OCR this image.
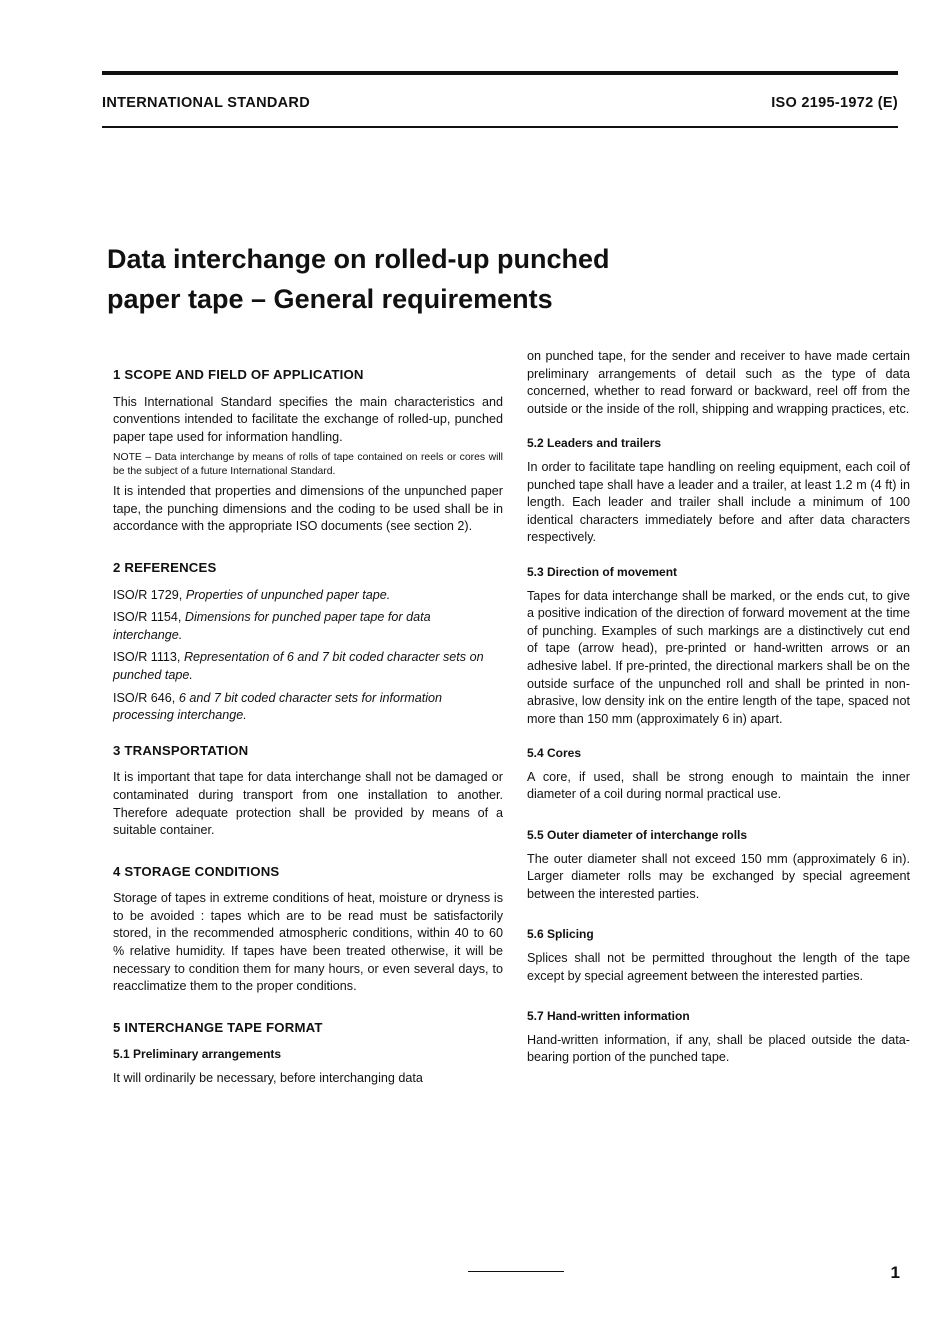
INTERNATIONAL STANDARD	ISO 2195-1972 (E)
Data interchange on rolled-up punched
paper tape – General requirements
1 SCOPE AND FIELD OF APPLICATION

This International Standard specifies the main characteristics and conventions intended to facilitate the exchange of rolled-up, punched paper tape used for information handling.

NOTE – Data interchange by means of rolls of tape contained on reels or cores will be the subject of a future International Standard.

It is intended that properties and dimensions of the unpunched paper tape, the punching dimensions and the coding to be used shall be in accordance with the appropriate ISO documents (see section 2).

2 REFERENCES

ISO/R 1729, Properties of unpunched paper tape.

ISO/R 1154, Dimensions for punched paper tape for data interchange.

ISO/R 1113, Representation of 6 and 7 bit coded character sets on punched tape.

ISO/R 646, 6 and 7 bit coded character sets for information processing interchange.

3 TRANSPORTATION

It is important that tape for data interchange shall not be damaged or contaminated during transport from one installation to another. Therefore adequate protection shall be provided by means of a suitable container.

4 STORAGE CONDITIONS

Storage of tapes in extreme conditions of heat, moisture or dryness is to be avoided : tapes which are to be read must be satisfactorily stored, in the recommended atmospheric conditions, within 40 to 60 % relative humidity. If tapes have been treated otherwise, it will be necessary to condition them for many hours, or even several days, to reacclimatize them to the proper conditions.

5 INTERCHANGE TAPE FORMAT
5.1 Preliminary arrangements

It will ordinarily be necessary, before interchanging data

on punched tape, for the sender and receiver to have made certain preliminary arrangements of detail such as the type of data concerned, whether to read forward or backward, reel off from the outside or the inside of the roll, shipping and wrapping practices, etc.

5.2 Leaders and trailers

In order to facilitate tape handling on reeling equipment, each coil of punched tape shall have a leader and a trailer, at least 1.2 m (4 ft) in length. Each leader and trailer shall include a minimum of 100 identical characters immediately before and after data characters respectively.

5.3 Direction of movement

Tapes for data interchange shall be marked, or the ends cut, to give a positive indication of the direction of forward movement at the time of punching. Examples of such markings are a distinctively cut end of tape (arrow head), pre-printed or hand-written arrows or an adhesive label. If pre-printed, the directional markers shall be on the outside surface of the unpunched roll and shall be printed in non-abrasive, low density ink on the entire length of the tape, spaced not more than 150 mm (approximately 6 in) apart.

5.4 Cores

A core, if used, shall be strong enough to maintain the inner diameter of a coil during normal practical use.

5.5 Outer diameter of interchange rolls

The outer diameter shall not exceed 150 mm (approximately 6 in). Larger diameter rolls may be exchanged by special agreement between the interested parties.

5.6 Splicing

Splices shall not be permitted throughout the length of the tape except by special agreement between the interested parties.

5.7 Hand-written information

Hand-written information, if any, shall be placed outside the data-bearing portion of the punched tape.

1
